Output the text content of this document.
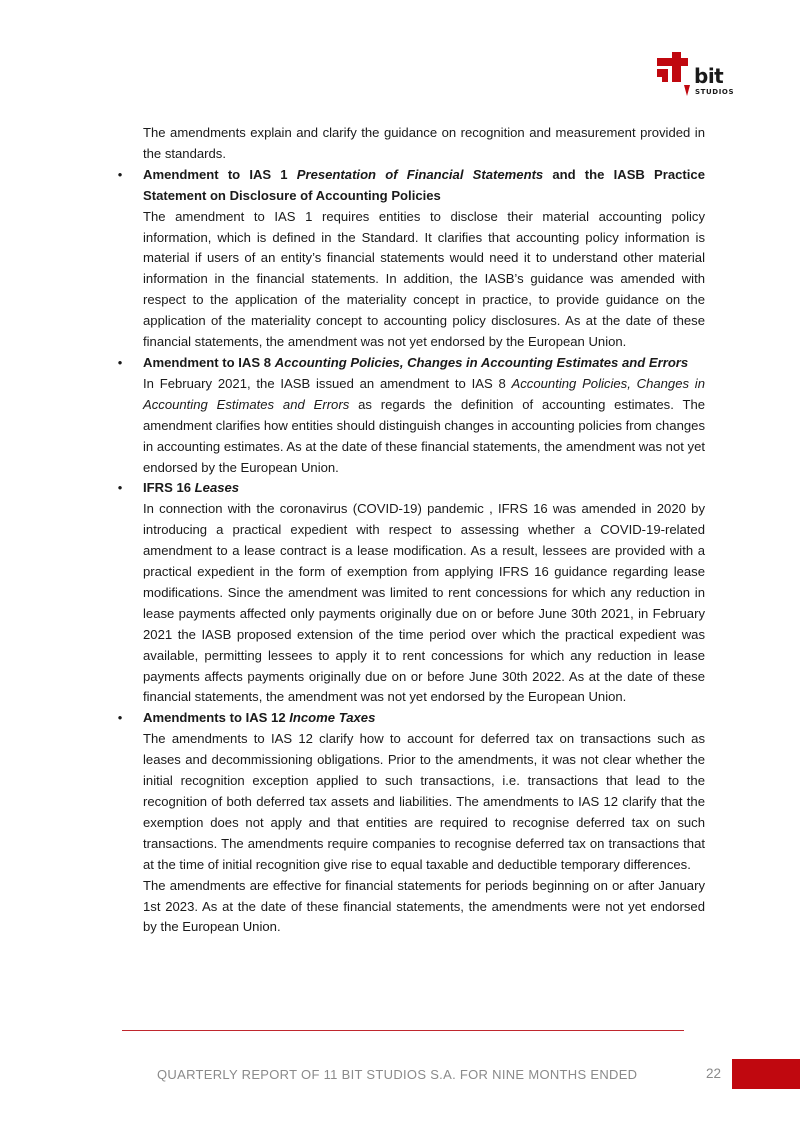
bit
STUDIOS

The amendments explain and clarify the guidance on recognition and measurement provided in the standards.

• Amendment to IAS 1 Presentation of Financial Statements and the IASB Practice Statement on Disclosure of Accounting Policies

The amendment to IAS 1 requires entities to disclose their material accounting policy information, which is defined in the Standard. It clarifies that accounting policy information is material if users of an entity’s financial statements would need it to understand other material information in the financial statements. In addition, the IASB’s guidance was amended with respect to the application of the materiality concept in practice, to provide guidance on the application of the materiality concept to accounting policy disclosures. As at the date of these financial statements, the amendment was not yet endorsed by the European Union.

• Amendment to IAS 8 Accounting Policies, Changes in Accounting Estimates and Errors

In February 2021, the IASB issued an amendment to IAS 8 Accounting Policies, Changes in Accounting Estimates and Errors as regards the definition of accounting estimates. The amendment clarifies how entities should distinguish changes in accounting policies from changes in accounting estimates. As at the date of these financial statements, the amendment was not yet endorsed by the European Union.

• IFRS 16 Leases

In connection with the coronavirus (COVID-19) pandemic , IFRS 16 was amended in 2020 by introducing a practical expedient with respect to assessing whether a COVID-19-related amendment to a lease contract is a lease modification. As a result, lessees are provided with a practical expedient in the form of exemption from applying IFRS 16 guidance regarding lease modifications. Since the amendment was limited to rent concessions for which any reduction in lease payments affected only payments originally due on or before June 30th 2021, in February 2021 the IASB proposed extension of the time period over which the practical expedient was available, permitting lessees to apply it to rent concessions for which any reduction in lease payments affects payments originally due on or before June 30th 2022. As at the date of these financial statements, the amendment was not yet endorsed by the European Union.

• Amendments to IAS 12 Income Taxes

The amendments to IAS 12 clarify how to account for deferred tax on transactions such as leases and decommissioning obligations. Prior to the amendments, it was not clear whether the initial recognition exception applied to such transactions, i.e. transactions that lead to the recognition of both deferred tax assets and liabilities. The amendments to IAS 12 clarify that the exemption does not apply and that entities are required to recognise deferred tax on such transactions. The amendments require companies to recognise deferred tax on transactions that at the time of initial recognition give rise to equal taxable and deductible temporary differences.

The amendments are effective for financial statements for periods beginning on or after January 1st 2023. As at the date of these financial statements, the amendments were not yet endorsed by the European Union.

QUARTERLY REPORT OF 11 BIT STUDIOS S.A. FOR NINE MONTHS ENDED	22
